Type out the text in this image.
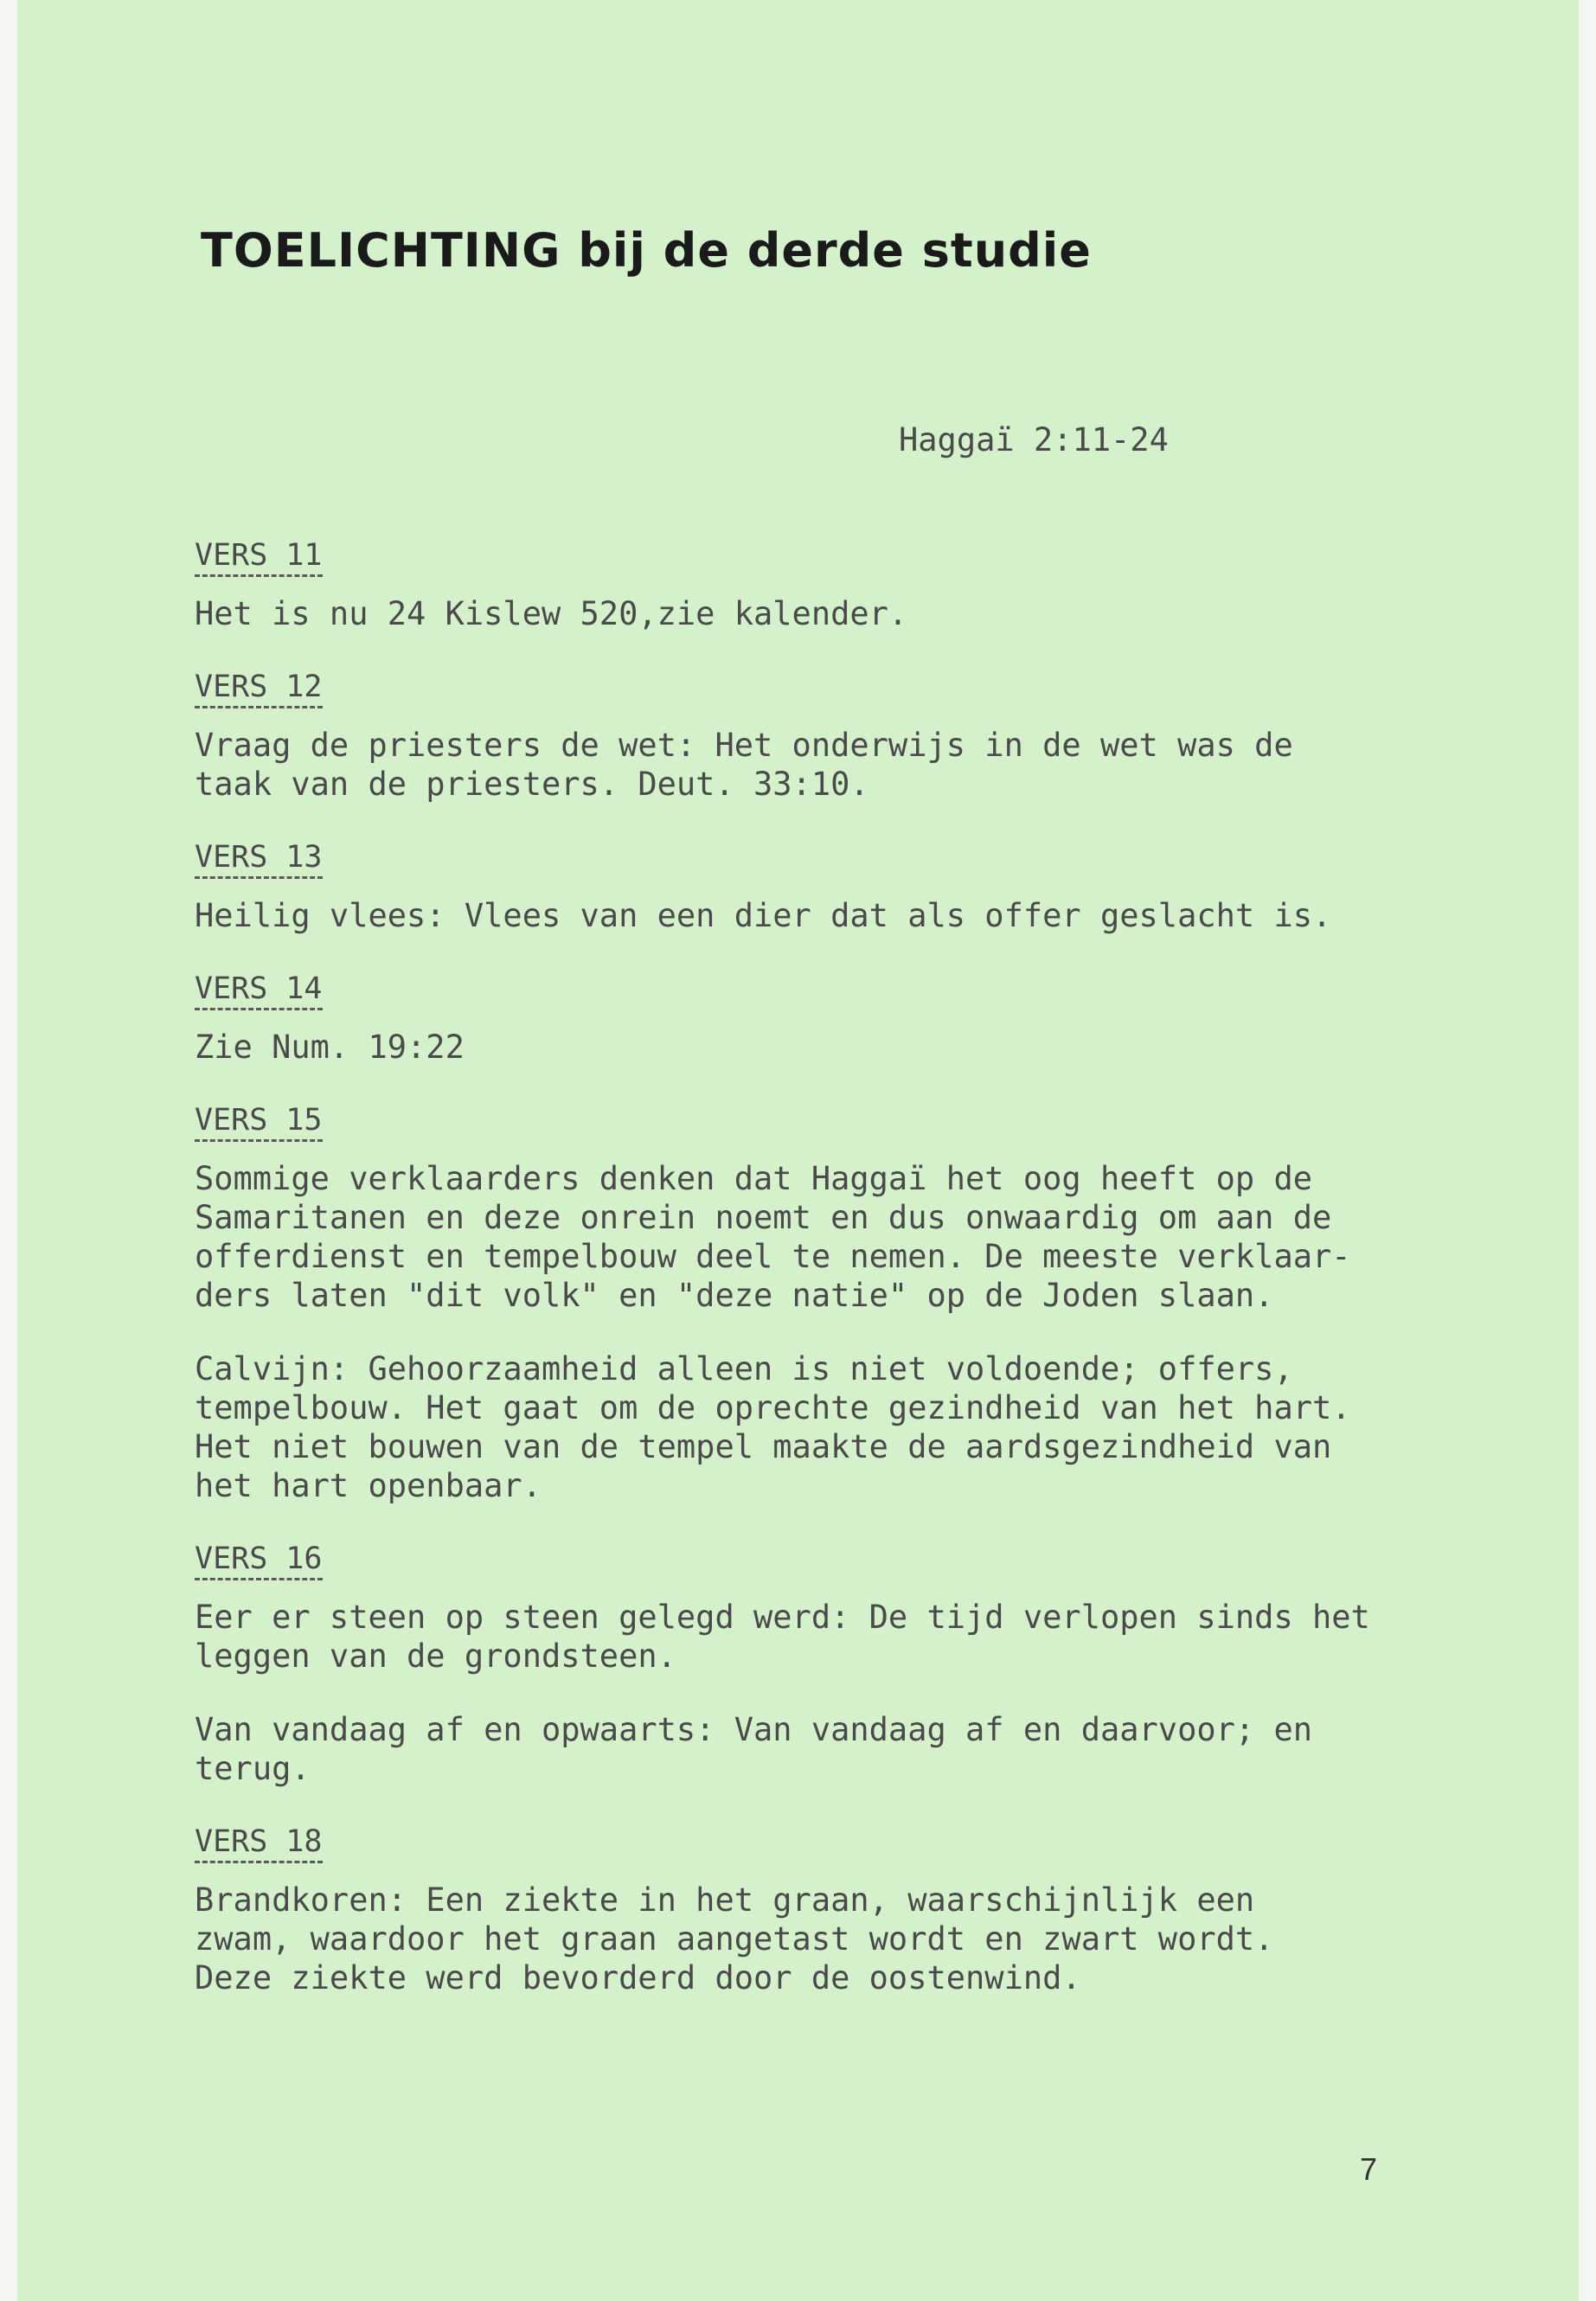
TOELICHTING bij de derde studie
Haggaï 2:11-24
VERS 11

Het is nu 24 Kislew 520,zie kalender.

VERS 12

Vraag de priesters de wet: Het onderwijs in de wet was de
taak van de priesters. Deut. 33:10.

VERS 13

Heilig vlees: Vlees van een dier dat als offer geslacht is.

VERS 14

Zie Num. 19:22

VERS 15

Sommige verklaarders denken dat Haggaï het oog heeft op de
Samaritanen en deze onrein noemt en dus onwaardig om aan de
offerdienst en tempelbouw deel te nemen. De meeste verklaar-
ders laten "dit volk" en "deze natie" op de Joden slaan.

Calvijn: Gehoorzaamheid alleen is niet voldoende; offers,
tempelbouw. Het gaat om de oprechte gezindheid van het hart.
Het niet bouwen van de tempel maakte de aardsgezindheid van
het hart openbaar.

VERS 16

Eer er steen op steen gelegd werd: De tijd verlopen sinds het
leggen van de grondsteen.

Van vandaag af en opwaarts: Van vandaag af en daarvoor; en
terug.

VERS 18

Brandkoren: Een ziekte in het graan, waarschijnlijk een
zwam, waardoor het graan aangetast wordt en zwart wordt.
Deze ziekte werd bevorderd door de oostenwind.

7
